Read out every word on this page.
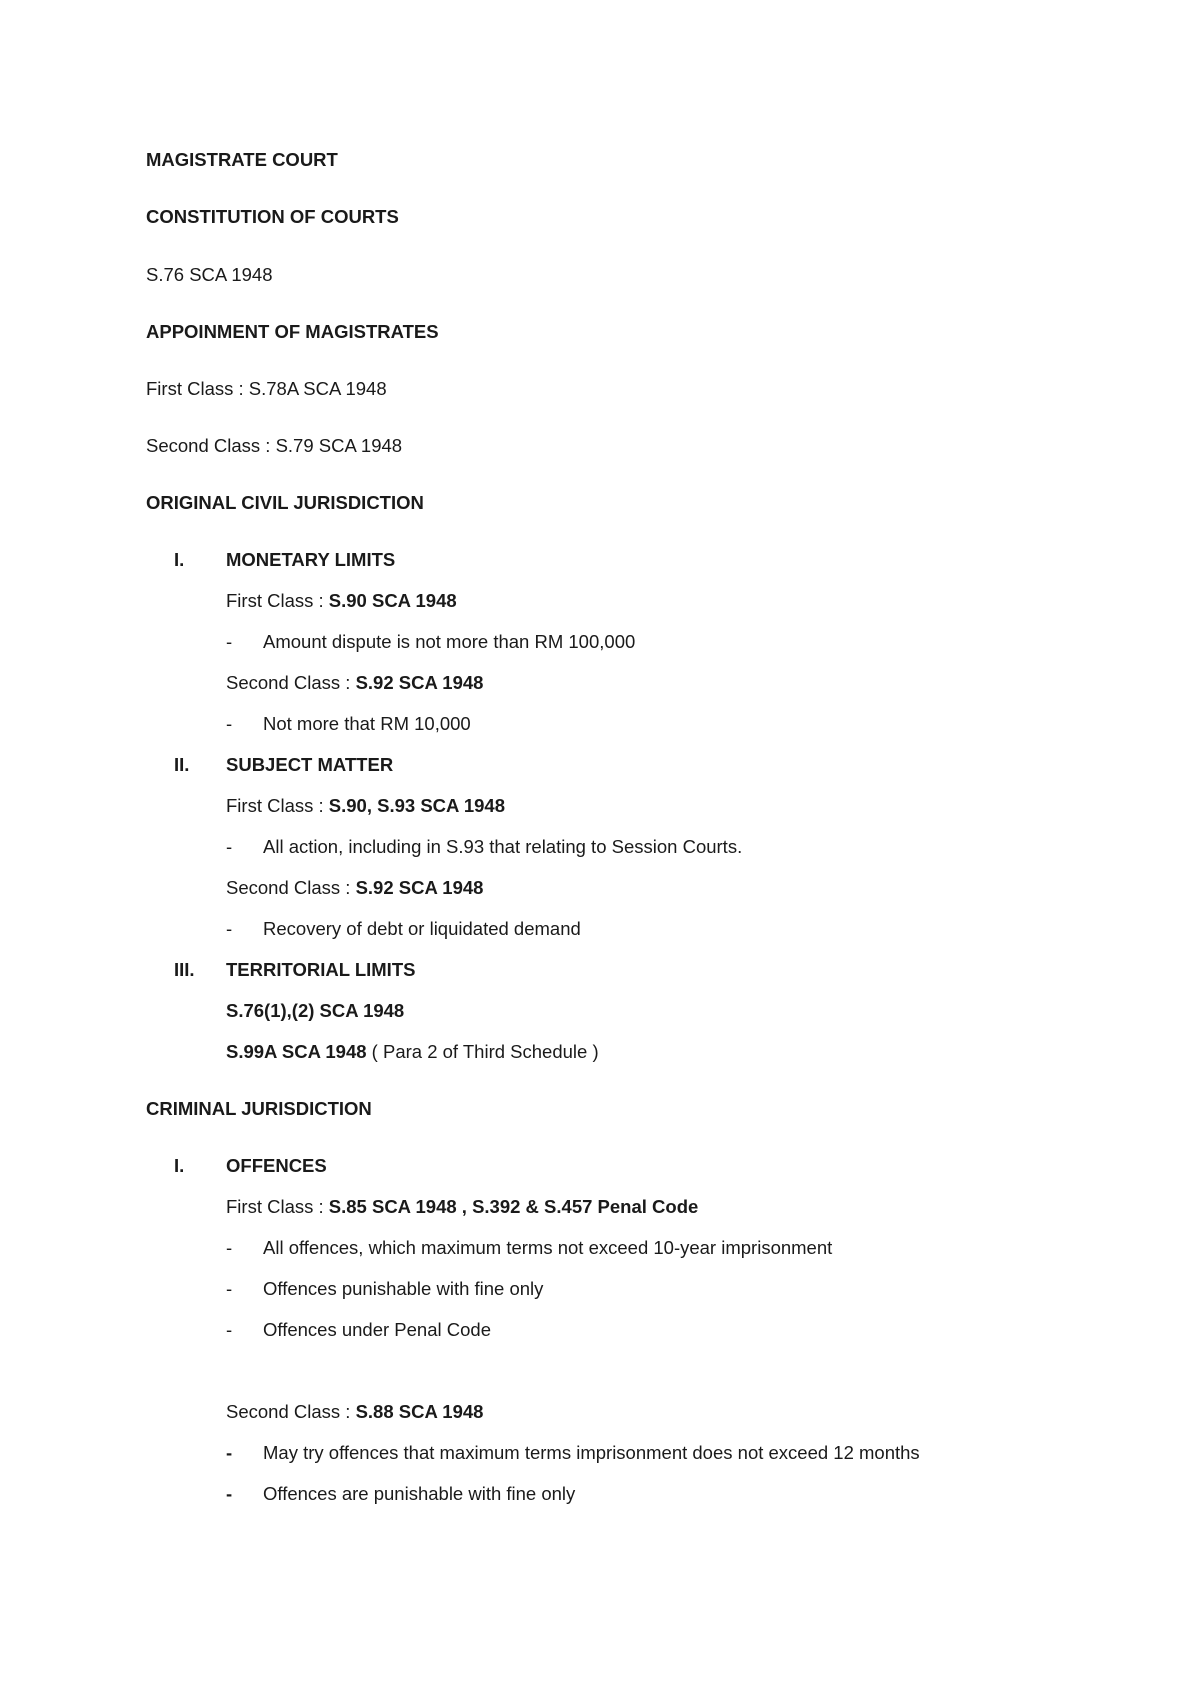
MAGISTRATE COURT
CONSTITUTION OF COURTS
S.76 SCA 1948
APPOINMENT OF MAGISTRATES
First Class : S.78A SCA 1948
Second Class : S.79 SCA 1948
ORIGINAL CIVIL JURISDICTION
I. MONETARY LIMITS
First Class : S.90 SCA 1948
- Amount dispute is not more than RM 100,000
Second Class : S.92 SCA 1948
- Not more that RM 10,000
II. SUBJECT MATTER
First Class : S.90, S.93 SCA 1948
- All action, including in S.93 that relating to Session Courts.
Second Class : S.92 SCA 1948
- Recovery of debt or liquidated demand
III. TERRITORIAL LIMITS
S.76(1),(2) SCA 1948
S.99A SCA 1948 ( Para 2 of Third Schedule )
CRIMINAL JURISDICTION
I. OFFENCES
First Class : S.85 SCA 1948 , S.392 & S.457 Penal Code
- All offences, which maximum terms not exceed 10-year imprisonment
- Offences punishable with fine only
- Offences under Penal Code
Second Class : S.88 SCA 1948
- May try offences that maximum terms imprisonment does not exceed 12 months
- Offences are punishable with fine only
